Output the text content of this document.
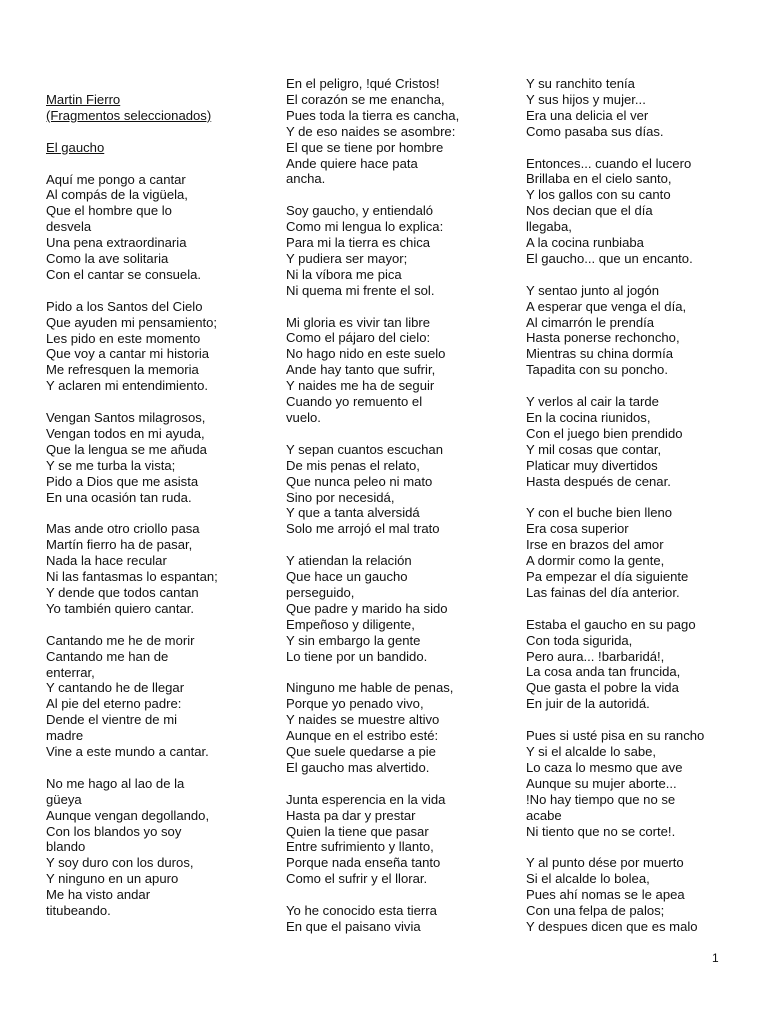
Martin Fierro
(Fragmentos seleccionados)
El gaucho
Aquí me pongo a cantar
Al compás de la vigüela,
Que el hombre que lo
desvela
Una pena extraordinaria
Como la ave solitaria
Con el cantar se consuela.
Pido a los Santos del Cielo
Que ayuden mi pensamiento;
Les pido en este momento
Que voy a cantar mi historia
Me refresquen la memoria
Y aclaren mi entendimiento.
Vengan Santos milagrosos,
Vengan todos en mi ayuda,
Que la lengua se me añuda
Y se me turba la vista;
Pido a Dios que me asista
En una ocasión tan ruda.
Mas ande otro criollo pasa
Martín fierro ha de pasar,
Nada la hace recular
Ni las fantasmas lo espantan;
Y dende que todos cantan
Yo también quiero cantar.
Cantando me he de morir
Cantando me han de
enterrar,
Y cantando he de llegar
Al pie del eterno padre:
Dende el vientre de mi
madre
Vine a este mundo a cantar.
No me hago al lao de la
güeya
Aunque vengan degollando,
Con los blandos yo soy
blando
Y soy duro con los duros,
Y ninguno en un apuro
Me ha visto andar
titubeando.
En el peligro, !qué Cristos!
El corazón se me enancha,
Pues toda la tierra es cancha,
Y de eso naides se asombre:
El que se tiene por hombre
Ande quiere hace pata
ancha.
Soy gaucho, y entiendaló
Como mi lengua lo explica:
Para mi la tierra es chica
Y pudiera ser mayor;
Ni la víbora me pica
Ni quema mi frente el sol.
Mi gloria es vivir tan libre
Como el pájaro del cielo:
No hago nido en este suelo
Ande hay tanto que sufrir,
Y naides me ha de seguir
Cuando yo remuento el
vuelo.
Y sepan cuantos escuchan
De mis penas el relato,
Que nunca peleo ni mato
Sino por necesidá,
Y que a tanta alversidá
Solo me arrojó el mal trato
Y atiendan la relación
Que hace un gaucho
perseguido,
Que padre y marido ha sido
Empeñoso y diligente,
Y sin embargo la gente
Lo tiene por un bandido.
Ninguno me hable de penas,
Porque yo penado vivo,
Y naides se muestre altivo
Aunque en el estribo esté:
Que suele quedarse a pie
El gaucho mas alvertido.
Junta esperencia en la vida
Hasta pa dar y prestar
Quien la tiene que pasar
Entre sufrimiento y llanto,
Porque nada enseña tanto
Como el sufrir y el llorar.
Yo he conocido esta tierra
En que el paisano vivia
Y su ranchito tenía
Y sus hijos y mujer...
Era una delicia el ver
Como pasaba sus días.
Entonces... cuando el lucero
Brillaba en el cielo santo,
Y los gallos con su canto
Nos decian que el día
llegaba,
A la cocina runbiaba
El gaucho... que un encanto.
Y sentao junto al jogón
A esperar que venga el día,
Al cimarrón le prendía
Hasta ponerse rechoncho,
Mientras su china dormía
Tapadita con su poncho.
Y verlos al cair la tarde
En la cocina riunidos,
Con el juego bien prendido
Y mil cosas que contar,
Platicar muy divertidos
Hasta después de cenar.
Y con el buche bien lleno
Era cosa superior
Irse en brazos del amor
A dormir como la gente,
Pa empezar el día siguiente
Las fainas del día anterior.
Estaba el gaucho en su pago
Con toda sigurida,
Pero aura... !barbaridá!,
La cosa anda tan fruncida,
Que gasta el pobre la vida
En juir de la autoridá.
Pues si usté pisa en su rancho
Y si el alcalde lo sabe,
Lo caza lo mesmo que ave
Aunque su mujer aborte...
!No hay tiempo que no se
acabe
Ni tiento que no se corte!.
Y al punto dése por muerto
Si el alcalde lo bolea,
Pues ahí nomas se le apea
Con una felpa de palos;
Y despues dicen que es malo
1
